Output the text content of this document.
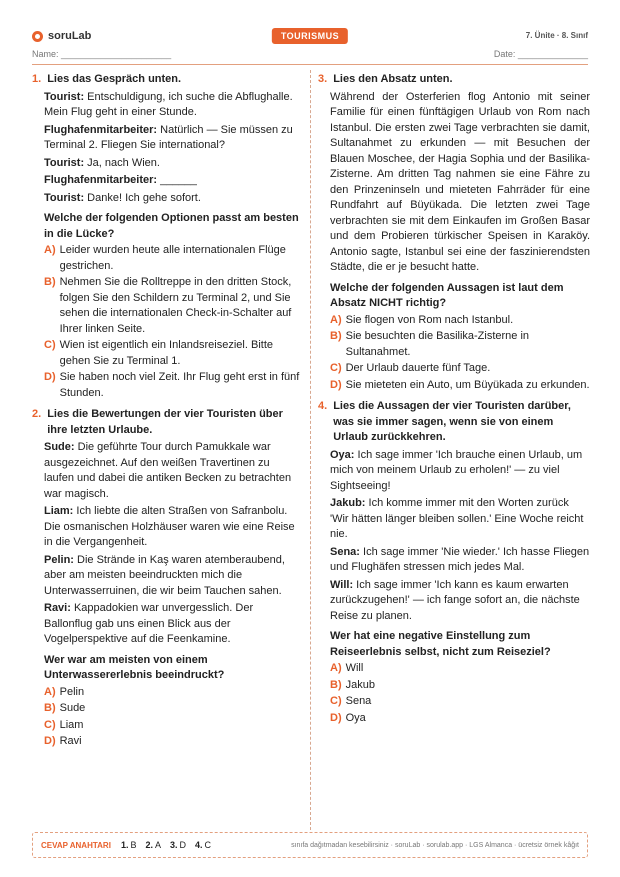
soruLab	TOURISMUS	7. Ünite · 8. Sınıf
Name: ______________________	Date: ______________
1. Lies das Gespräch unten.
Tourist: Entschuldigung, ich suche die Abflughalle. Mein Flug geht in einer Stunde.
Flughafenmitarbeiter: Natürlich — Sie müssen zu Terminal 2. Fliegen Sie international?
Tourist: Ja, nach Wien.
Flughafenmitarbeiter: ______
Tourist: Danke! Ich gehe sofort.
Welche der folgenden Optionen passt am besten in die Lücke?
A) Leider wurden heute alle internationalen Flüge gestrichen.
B) Nehmen Sie die Rolltreppe in den dritten Stock, folgen Sie den Schildern zu Terminal 2, und Sie sehen die internationalen Check-in-Schalter auf Ihrer linken Seite.
C) Wien ist eigentlich ein Inlandsreiseziel. Bitte gehen Sie zu Terminal 1.
D) Sie haben noch viel Zeit. Ihr Flug geht erst in fünf Stunden.
2. Lies die Bewertungen der vier Touristen über ihre letzten Urlaube.
Sude: Die geführte Tour durch Pamukkale war ausgezeichnet. Auf den weißen Travertinen zu laufen und dabei die antiken Becken zu betrachten war magisch.
Liam: Ich liebte die alten Straßen von Safranbolu. Die osmanischen Holzhäuser waren wie eine Reise in die Vergangenheit.
Pelin: Die Strände in Kaş waren atemberaubend, aber am meisten beeindruckten mich die Unterwasserruinen, die wir beim Tauchen sahen.
Ravi: Kappadokien war unvergesslich. Der Ballonflug gab uns einen Blick aus der Vogelperspektive auf die Feenkamine.
Wer war am meisten von einem Unterwassererlebnis beeindruckt?
A) Pelin
B) Sude
C) Liam
D) Ravi
3. Lies den Absatz unten.
Während der Osterferien flog Antonio mit seiner Familie für einen fünftägigen Urlaub von Rom nach Istanbul. Die ersten zwei Tage verbrachten sie damit, Sultanahmet zu erkunden — mit Besuchen der Blauen Moschee, der Hagia Sophia und der Basilika-Zisterne. Am dritten Tag nahmen sie eine Fähre zu den Prinzeninseln und mieteten Fahrräder für eine Rundfahrt auf Büyükada. Die letzten zwei Tage verbrachten sie mit dem Einkaufen im Großen Basar und dem Probieren türkischer Speisen in Karaköy. Antonio sagte, Istanbul sei eine der faszinierendsten Städte, die er je besucht hatte.
Welche der folgenden Aussagen ist laut dem Absatz NICHT richtig?
A) Sie flogen von Rom nach Istanbul.
B) Sie besuchten die Basilika-Zisterne in Sultanahmet.
C) Der Urlaub dauerte fünf Tage.
D) Sie mieteten ein Auto, um Büyükada zu erkunden.
4. Lies die Aussagen der vier Touristen darüber, was sie immer sagen, wenn sie von einem Urlaub zurückkehren.
Oya: Ich sage immer 'Ich brauche einen Urlaub, um mich von meinem Urlaub zu erholen!' — zu viel Sightseeing!
Jakub: Ich komme immer mit den Worten zurück 'Wir hätten länger bleiben sollen.' Eine Woche reicht nie.
Sena: Ich sage immer 'Nie wieder.' Ich hasse Fliegen und Flughäfen stressen mich jedes Mal.
Will: Ich sage immer 'Ich kann es kaum erwarten zurückzugehen!' — ich fange sofort an, die nächste Reise zu planen.
Wer hat eine negative Einstellung zum Reiseerlebnis selbst, nicht zum Reiseziel?
A) Will
B) Jakub
C) Sena
D) Oya
CEVAP ANAHTARI 1. B 2. A 3. D 4. C	sınıfa dağıtmadan kesebilirsiniz · soruLab · sorulab.app · LGS Almanca · ücretsiz örnek kâğıt
